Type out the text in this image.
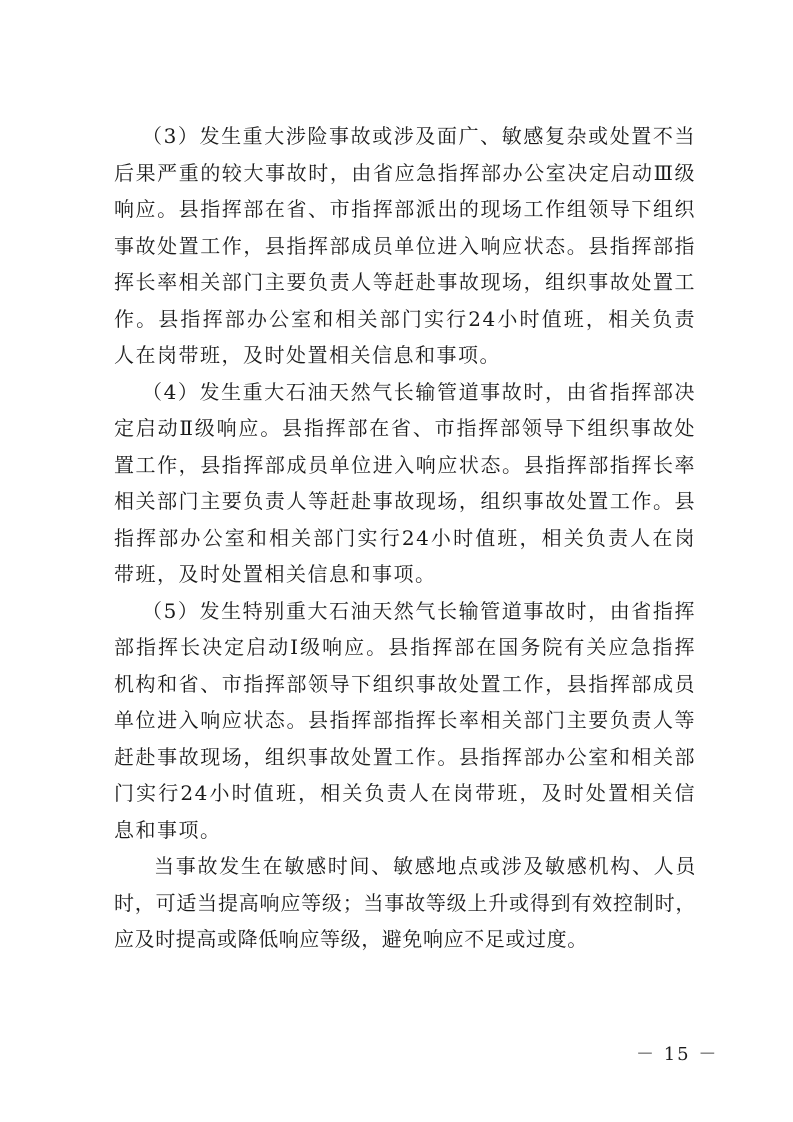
（3）发生重大涉险事故或涉及面广、敏感复杂或处置不当后果严重的较大事故时，由省应急指挥部办公室决定启动Ⅲ级响应。县指挥部在省、市指挥部派出的现场工作组领导下组织事故处置工作，县指挥部成员单位进入响应状态。县指挥部指挥长率相关部门主要负责人等赶赴事故现场，组织事故处置工作。县指挥部办公室和相关部门实行24小时值班，相关负责人在岗带班，及时处置相关信息和事项。

（4）发生重大石油天然气长输管道事故时，由省指挥部决定启动Ⅱ级响应。县指挥部在省、市指挥部领导下组织事故处置工作，县指挥部成员单位进入响应状态。县指挥部指挥长率相关部门主要负责人等赶赴事故现场，组织事故处置工作。县指挥部办公室和相关部门实行24小时值班，相关负责人在岗带班，及时处置相关信息和事项。

（5）发生特别重大石油天然气长输管道事故时，由省指挥部指挥长决定启动Ⅰ级响应。县指挥部在国务院有关应急指挥机构和省、市指挥部领导下组织事故处置工作，县指挥部成员单位进入响应状态。县指挥部指挥长率相关部门主要负责人等赶赴事故现场，组织事故处置工作。县指挥部办公室和相关部门实行24小时值班，相关负责人在岗带班，及时处置相关信息和事项。

当事故发生在敏感时间、敏感地点或涉及敏感机构、人员时，可适当提高响应等级；当事故等级上升或得到有效控制时，应及时提高或降低响应等级，避免响应不足或过度。

－ 15 －
